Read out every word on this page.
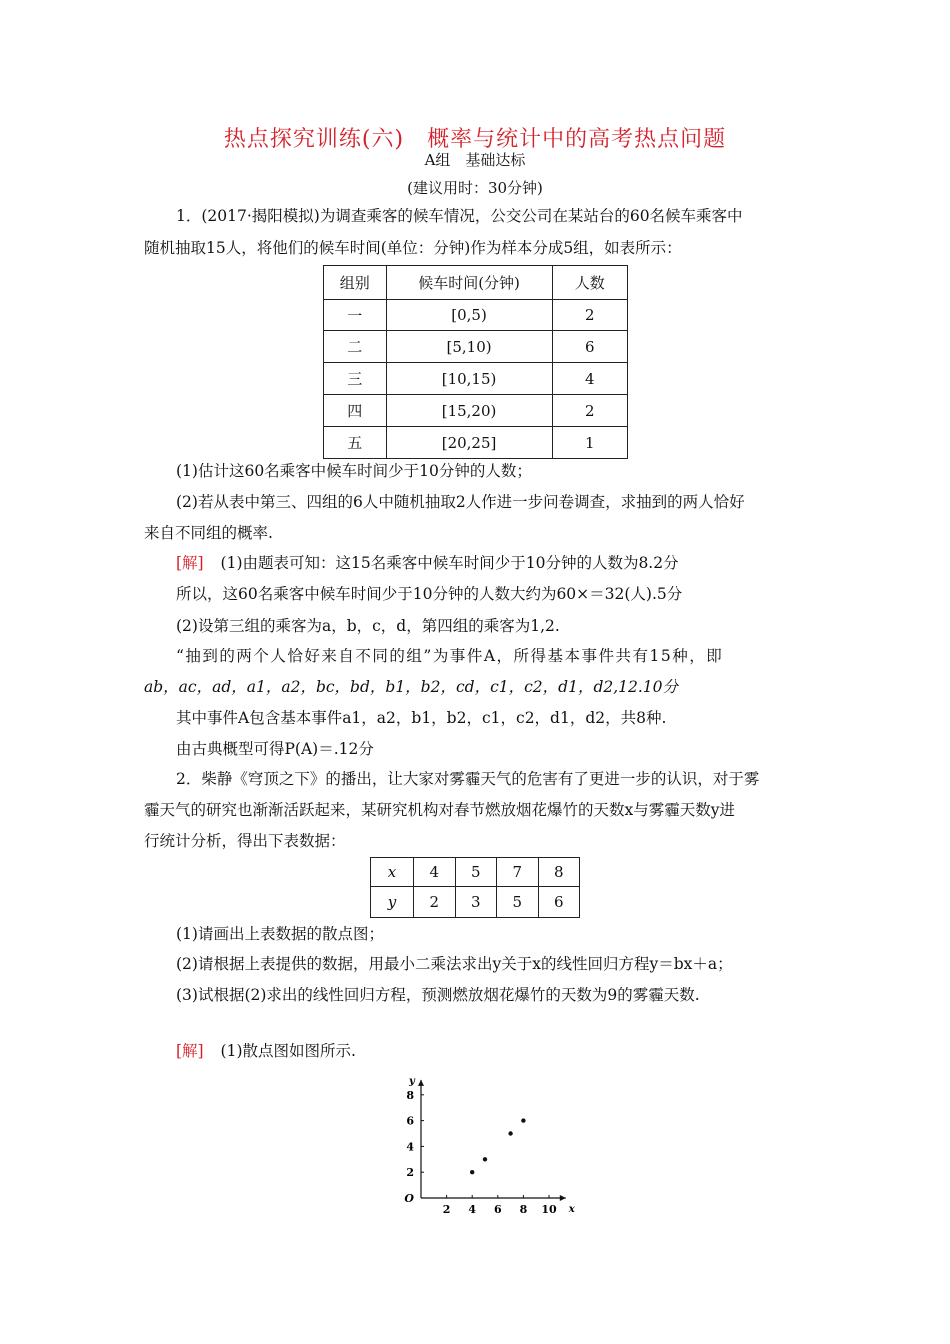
热点探究训练(六)　概率与统计中的高考热点问题
A组　基础达标
(建议用时：30分钟)
1．(2017·揭阳模拟)为调查乘客的候车情况，公交公司在某站台的60名候车乘客中
随机抽取15人，将他们的候车时间(单位：分钟)作为样本分成5组，如表所示：
组别	候车时间(分钟)	人数
一	[0,5)	2
二	[5,10)	6
三	[10,15)	4
四	[15,20)	2
五	[20,25]	1
(1)估计这60名乘客中候车时间少于10分钟的人数；
(2)若从表中第三、四组的6人中随机抽取2人作进一步问卷调查，求抽到的两人恰好
来自不同组的概率.
[解] (1)由题表可知：这15名乘客中候车时间少于10分钟的人数为8.2分
所以，这60名乘客中候车时间少于10分钟的人数大约为60×＝32(人).5分
(2)设第三组的乘客为a，b，c，d，第四组的乘客为1,2.
“抽到的两个人恰好来自不同的组”为事件A，所得基本事件共有15种，即
ab，ac，ad，a1，a2，bc，bd，b1，b2，cd，c1，c2，d1，d2,12.10分
其中事件A包含基本事件a1，a2，b1，b2，c1，c2，d1，d2，共8种.
由古典概型可得P(A)＝.12分
2．柴静《穹顶之下》的播出，让大家对雾霾天气的危害有了更进一步的认识，对于雾
霾天气的研究也渐渐活跃起来，某研究机构对春节燃放烟花爆竹的天数x与雾霾天数y进
行统计分析，得出下表数据：
x	4	5	7	8
y	2	3	5	6
(1)请画出上表数据的散点图；
(2)请根据上表提供的数据，用最小二乘法求出y关于x的线性回归方程y＝bx＋a；
(3)试根据(2)求出的线性回归方程，预测燃放烟花爆竹的天数为9的雾霾天数.
[解] (1)散点图如图所示.
2 4 6 8 10
2
4
6
8
O
x
y
